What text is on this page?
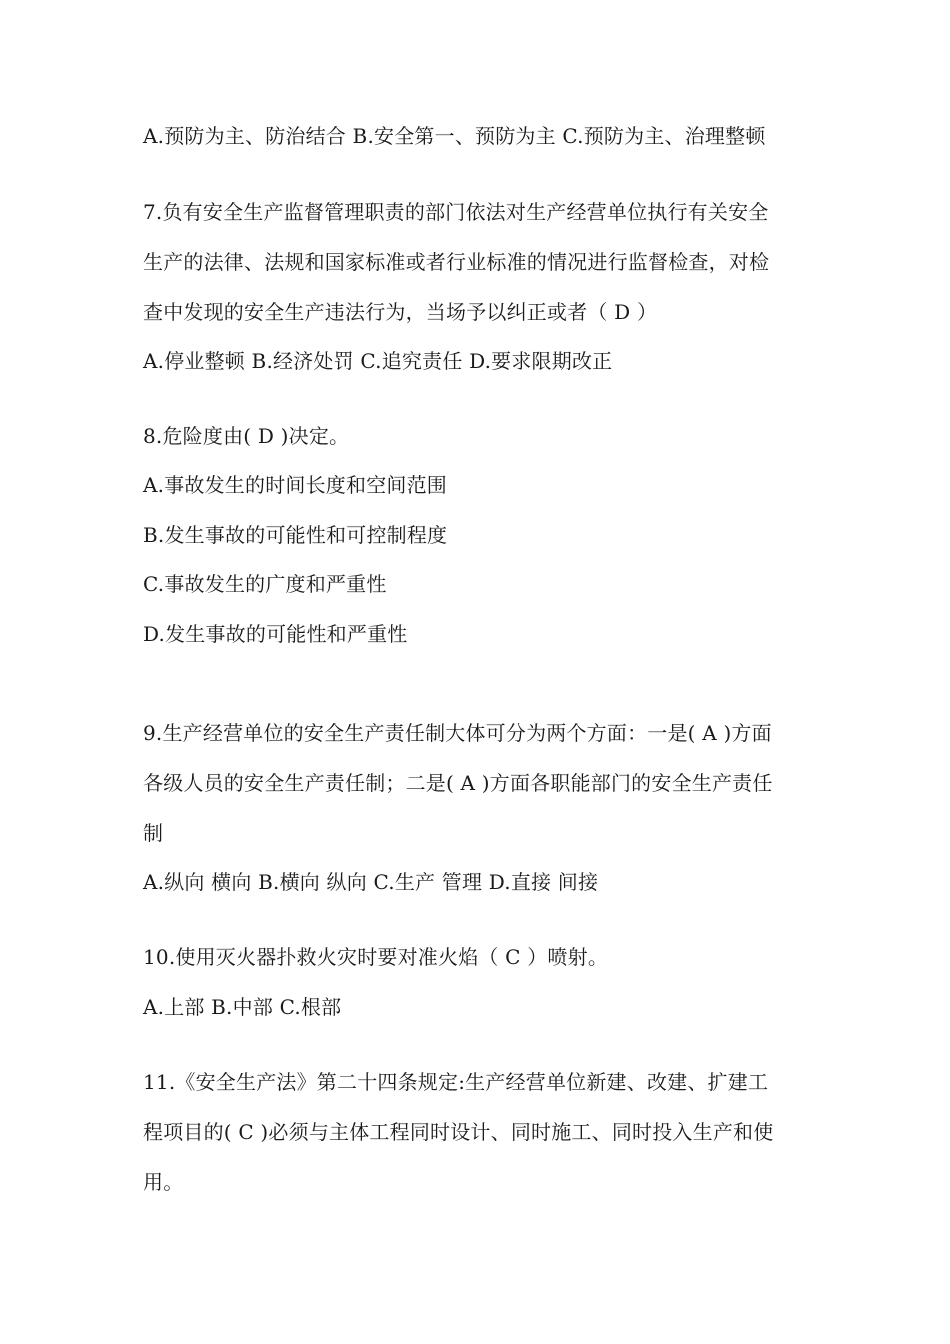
A.预防为主、防治结合 B.安全第一、预防为主 C.预防为主、治理整顿
7.负有安全生产监督管理职责的部门依法对生产经营单位执行有关安全
生产的法律、法规和国家标准或者行业标准的情况进行监督检查，对检
查中发现的安全生产违法行为，当场予以纠正或者（ D ）
A.停业整顿 B.经济处罚 C.追究责任 D.要求限期改正
8.危险度由( D )决定。
A.事故发生的时间长度和空间范围
B.发生事故的可能性和可控制程度
C.事故发生的广度和严重性
D.发生事故的可能性和严重性
9.生产经营单位的安全生产责任制大体可分为两个方面：一是( A )方面
各级人员的安全生产责任制；二是( A )方面各职能部门的安全生产责任
制
A.纵向 横向 B.横向 纵向 C.生产 管理 D.直接 间接
10.使用灭火器扑救火灾时要对准火焰（ C ）喷射。
A.上部 B.中部 C.根部
11.《安全生产法》第二十四条规定:生产经营单位新建、改建、扩建工
程项目的( C )必须与主体工程同时设计、同时施工、同时投入生产和使
用。
